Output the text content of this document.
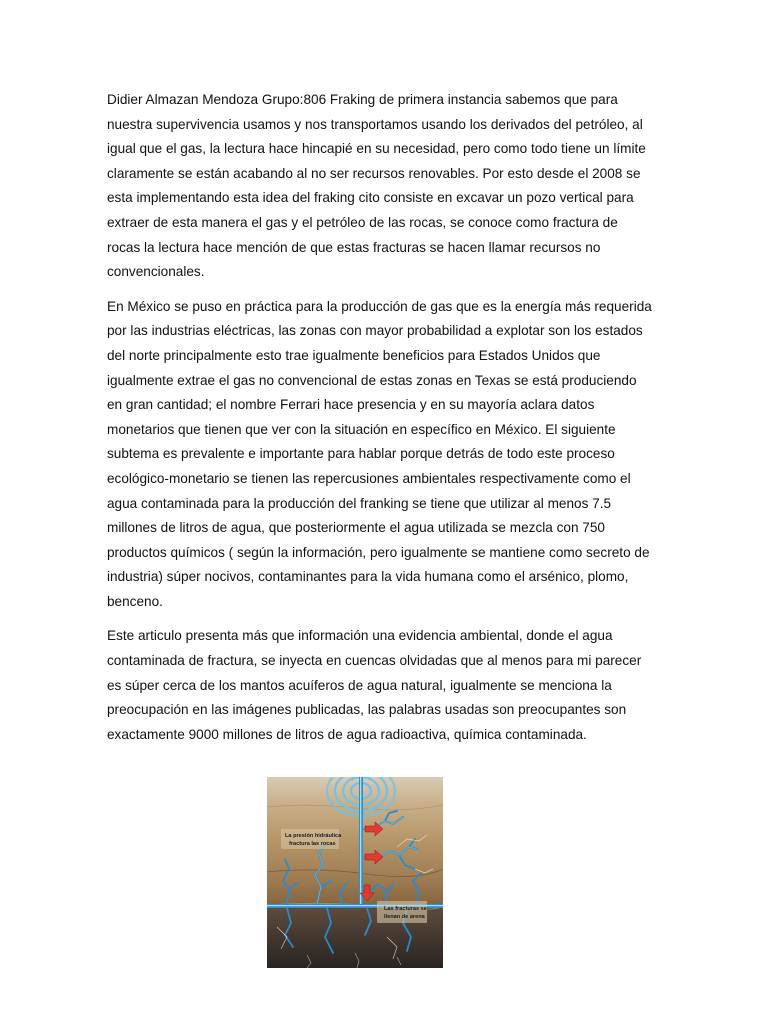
Didier Almazan Mendoza Grupo:806 Fraking de primera instancia sabemos que para
nuestra supervivencia usamos y nos transportamos usando los derivados del petróleo, al
igual que el gas, la lectura hace hincapié en su necesidad, pero como todo tiene un límite
claramente se están acabando al no ser recursos renovables. Por esto desde el 2008 se
esta implementando esta idea del fraking cito consiste en excavar un pozo vertical para
extraer de esta manera el gas y el petróleo de las rocas, se conoce como fractura de
rocas la lectura hace mención de que estas fracturas se hacen llamar recursos no
convencionales.

En México se puso en práctica para la producción de gas que es la energía más requerida
por las industrias eléctricas, las zonas con mayor probabilidad a explotar son los estados
del norte principalmente esto trae igualmente beneficios para Estados Unidos que
igualmente extrae el gas no convencional de estas zonas en Texas se está produciendo
en gran cantidad; el nombre Ferrari hace presencia y en su mayoría aclara datos
monetarios que tienen que ver con la situación en específico en México. El siguiente
subtema es prevalente e importante para hablar porque detrás de todo este proceso
ecológico-monetario se tienen las repercusiones ambientales respectivamente como el
agua contaminada para la producción del franking se tiene que utilizar al menos 7.5
millones de litros de agua, que posteriormente el agua utilizada se mezcla con 750
productos químicos ( según la información, pero igualmente se mantiene como secreto de
industria) súper nocivos, contaminantes para la vida humana como el arsénico, plomo,
benceno.

Este articulo presenta más que información una evidencia ambiental, donde el agua
contaminada de fractura, se inyecta en cuencas olvidadas que al menos para mi parecer
es súper cerca de los mantos acuíferos de agua natural, igualmente se menciona la
preocupación en las imágenes publicadas, las palabras usadas son preocupantes son
exactamente 9000 millones de litros de agua radioactiva, química contaminada.

La presión hidráulica
fractura las rocas
Las fracturas se
llenan de arena
